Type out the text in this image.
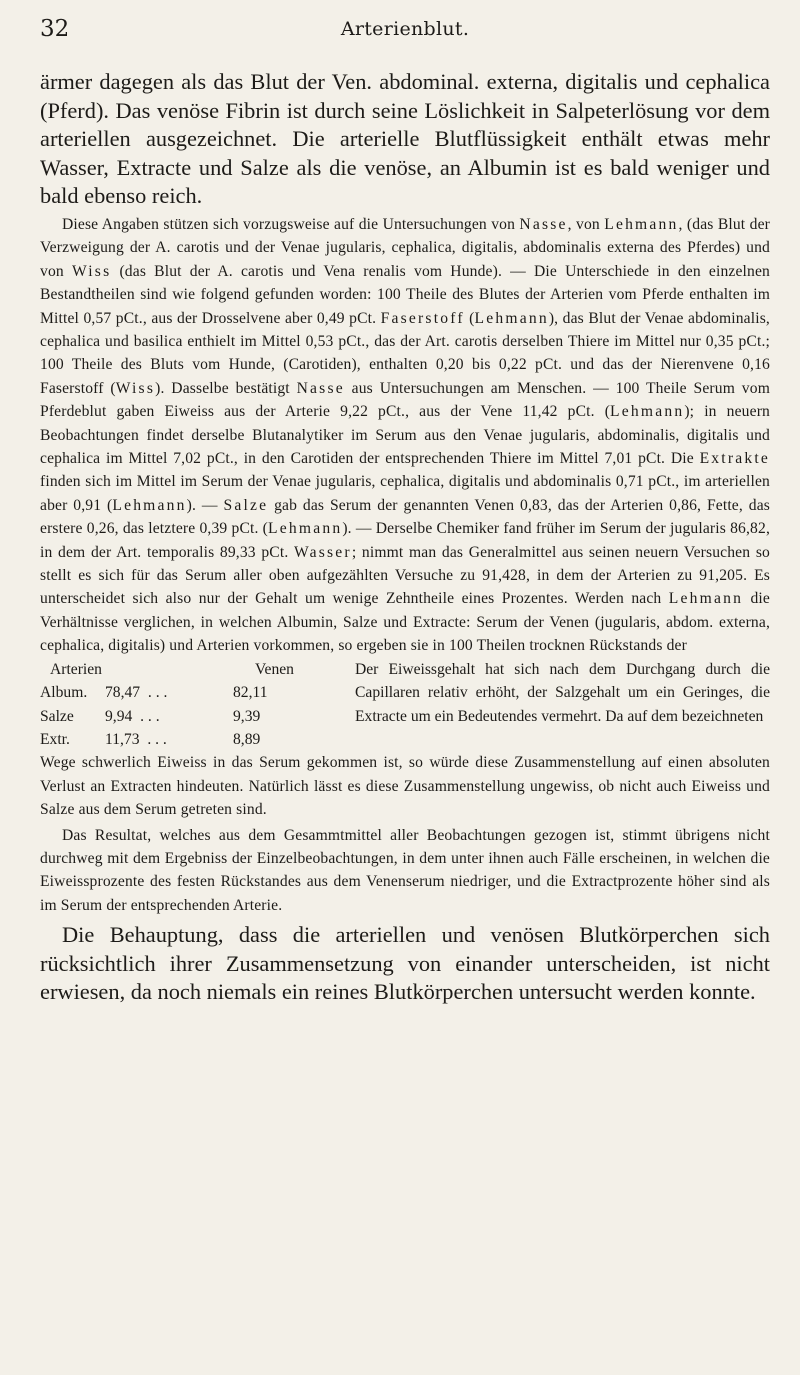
32	Arterienblut.

ärmer dagegen als das Blut der Ven. abdominal. externa, digitalis und cephalica (Pferd). Das venöse Fibrin ist durch seine Löslichkeit in Salpeterlösung vor dem arteriellen ausgezeichnet. Die arterielle Blutflüssigkeit enthält etwas mehr Wasser, Extracte und Salze als die venöse, an Albumin ist es bald weniger und bald ebenso reich.

Diese Angaben stützen sich vorzugsweise auf die Untersuchungen von Nasse, von Lehmann, (das Blut der Verzweigung der A. carotis und der Venae jugularis, cephalica, digitalis, abdominalis externa des Pferdes) und von Wiss (das Blut der A. carotis und Vena renalis vom Hunde). — Die Unterschiede in den einzelnen Bestandtheilen sind wie folgend gefunden worden: 100 Theile des Blutes der Arterien vom Pferde enthalten im Mittel 0,57 pCt., aus der Drosselvene aber 0,49 pCt. Faserstoff (Lehmann), das Blut der Venae abdominalis, cephalica und basilica enthielt im Mittel 0,53 pCt., das der Art. carotis derselben Thiere im Mittel nur 0,35 pCt.; 100 Theile des Bluts vom Hunde, (Carotiden), enthalten 0,20 bis 0,22 pCt. und das der Nierenvene 0,16 Faserstoff (Wiss). Dasselbe bestätigt Nasse aus Untersuchungen am Menschen. — 100 Theile Serum vom Pferdeblut gaben Eiweiss aus der Arterie 9,22 pCt., aus der Vene 11,42 pCt. (Lehmann); in neuern Beobachtungen findet derselbe Blutanalytiker im Serum aus den Venae jugularis, abdominalis, digitalis und cephalica im Mittel 7,02 pCt., in den Carotiden der entsprechenden Thiere im Mittel 7,01 pCt. Die Extrakte finden sich im Mittel im Serum der Venae jugularis, cephalica, digitalis und abdominalis 0,71 pCt., im arteriellen aber 0,91 (Lehmann). — Salze gab das Serum der genannten Venen 0,83, das der Arterien 0,86, Fette, das erstere 0,26, das letztere 0,39 pCt. (Lehmann). — Derselbe Chemiker fand früher im Serum der jugularis 86,82, in dem der Art. temporalis 89,33 pCt. Wasser; nimmt man das Generalmittel aus seinen neuern Versuchen so stellt es sich für das Serum aller oben aufgezählten Versuche zu 91,428, in dem der Arterien zu 91,205. Es unterscheidet sich also nur der Gehalt um wenige Zehntheile eines Prozentes. Werden nach Lehmann die Verhältnisse verglichen, in welchen Albumin, Salze und Extracte: Serum der Venen (jugularis, abdom. externa, cephalica, digitalis) und Arterien vorkommen, so ergeben sie in 100 Theilen trocknen Rückstands der

Arterien	Venen
Album.	78,47 . . .	82,11
Salze	9,94 . . .	9,39
Extr.	11,73 . . .	8,89
Der Eiweissgehalt hat sich nach dem Durchgang durch die Capillaren relativ erhöht, der Salzgehalt um ein Geringes, die Extracte um ein Bedeutendes vermehrt. Da auf dem bezeichneten

Wege schwerlich Eiweiss in das Serum gekommen ist, so würde diese Zusammenstellung auf einen absoluten Verlust an Extracten hindeuten. Natürlich lässt es diese Zusammenstellung ungewiss, ob nicht auch Eiweiss und Salze aus dem Serum getreten sind.

Das Resultat, welches aus dem Gesammtmittel aller Beobachtungen gezogen ist, stimmt übrigens nicht durchweg mit dem Ergebniss der Einzelbeobachtungen, in dem unter ihnen auch Fälle erscheinen, in welchen die Eiweissprozente des festen Rückstandes aus dem Venenserum niedriger, und die Extractprozente höher sind als im Serum der entsprechenden Arterie.

Die Behauptung, dass die arteriellen und venösen Blutkörperchen sich rücksichtlich ihrer Zusammensetzung von einander unterscheiden, ist nicht erwiesen, da noch niemals ein reines Blutkörperchen untersucht werden konnte.
